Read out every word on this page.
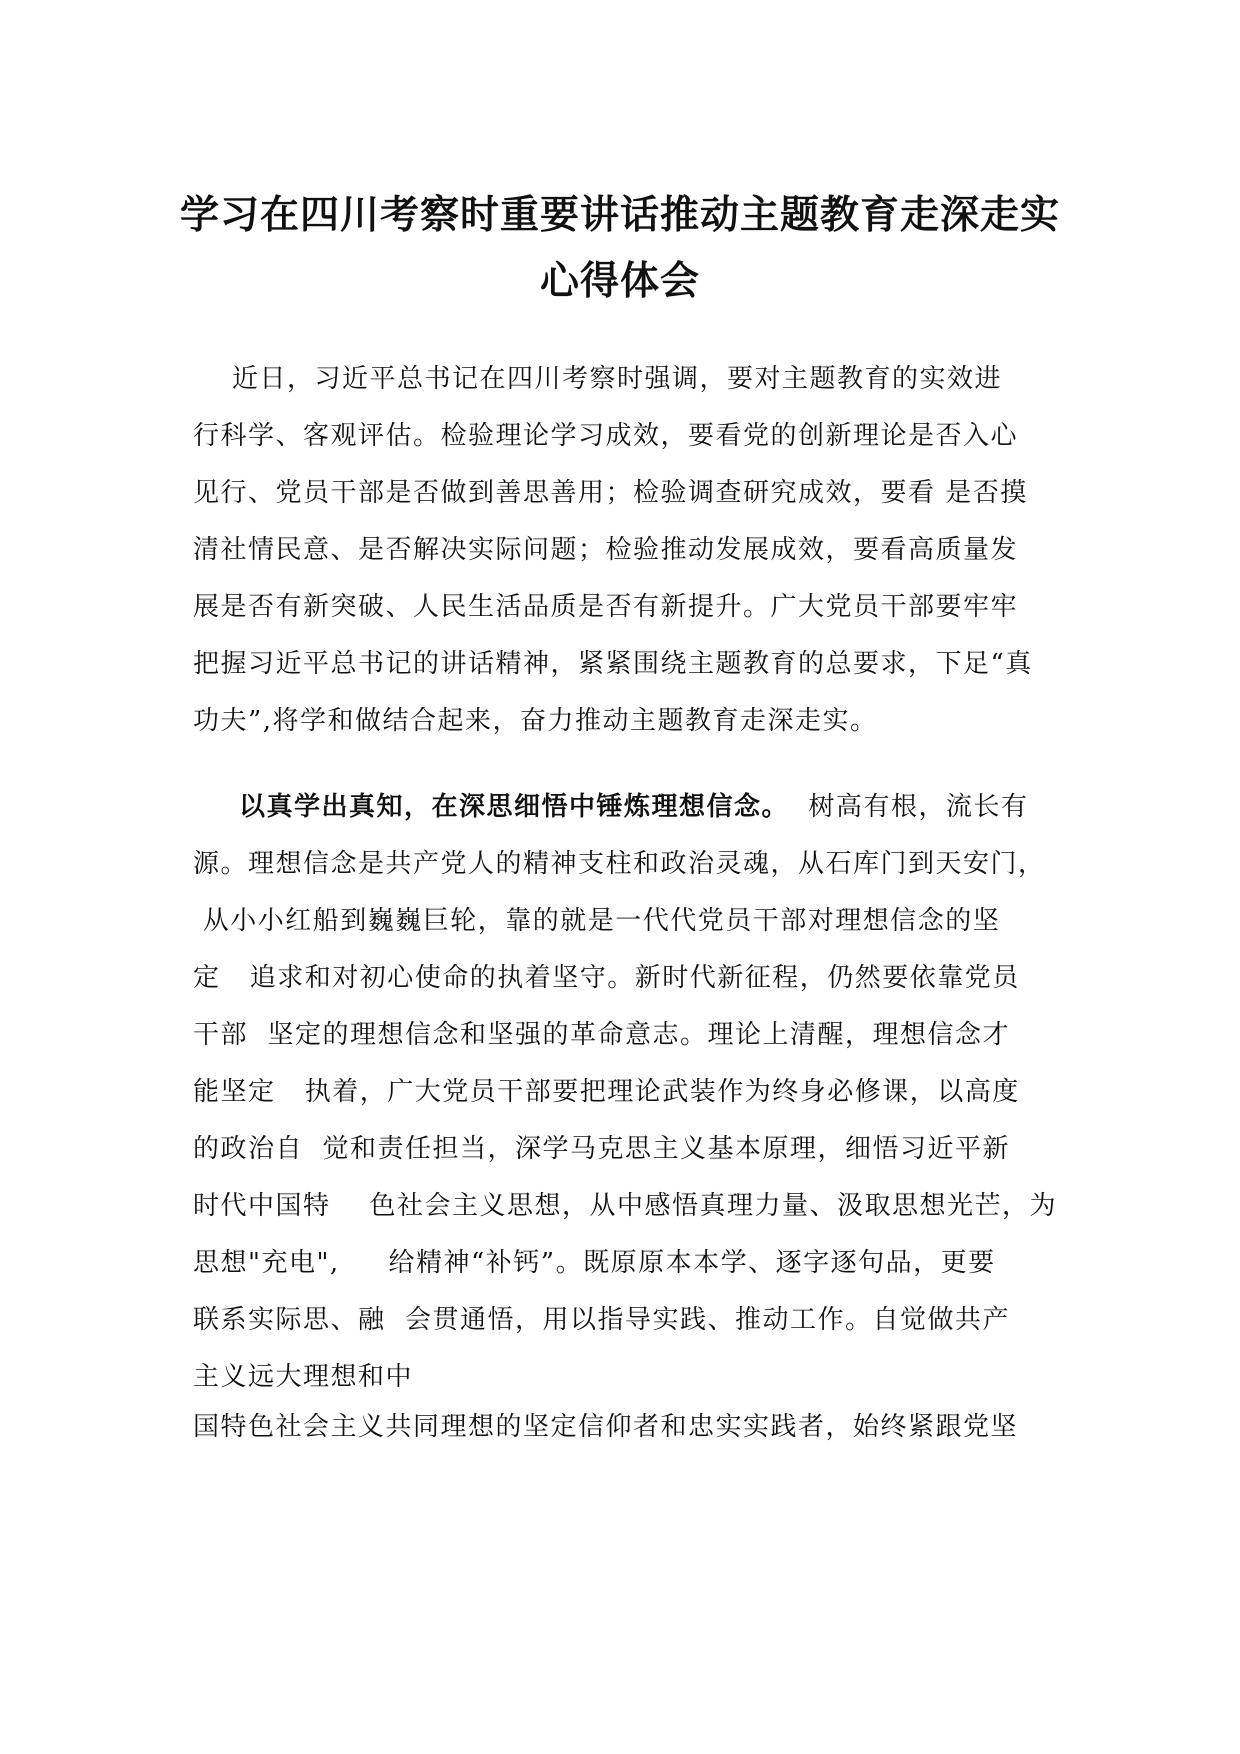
学习在四川考察时重要讲话推动主题教育走深走实
心得体会
近日，习近平总书记在四川考察时强调，要对主题教育的实效进
行科学、客观评估。检验理论学习成效，要看党的创新理论是否入心
见行、党员干部是否做到善思善用；检验调查研究成效，要看 是否摸
清社情民意、是否解决实际问题；检验推动发展成效，要看高质量发
展是否有新突破、人民生活品质是否有新提升。广大党员干部要牢牢
把握习近平总书记的讲话精神，紧紧围绕主题教育的总要求，下足“真
功夫”,将学和做结合起来，奋力推动主题教育走深走实。
以真学出真知，在深思细悟中锤炼理想信念。  树高有根，流长有
源。理想信念是共产党人的精神支柱和政治灵魂，从石库门到天安门，
从小小红船到巍巍巨轮，靠的就是一代代党员干部对理想信念的坚
定   追求和对初心使命的执着坚守。新时代新征程，仍然要依靠党员
干部  坚定的理想信念和坚强的革命意志。理论上清醒，理想信念才
能坚定   执着，广大党员干部要把理论武装作为终身必修课，以高度
的政治自  觉和责任担当，深学马克思主义基本原理，细悟习近平新
时代中国特    色社会主义思想，从中感悟真理力量、汲取思想光芒，为
思想"充电",     给精神“补钙”。既原原本本学、逐字逐句品，更要
联系实际思、融  会贯通悟，用以指导实践、推动工作。自觉做共产
主义远大理想和中
国特色社会主义共同理想的坚定信仰者和忠实实践者，始终紧跟党坚
